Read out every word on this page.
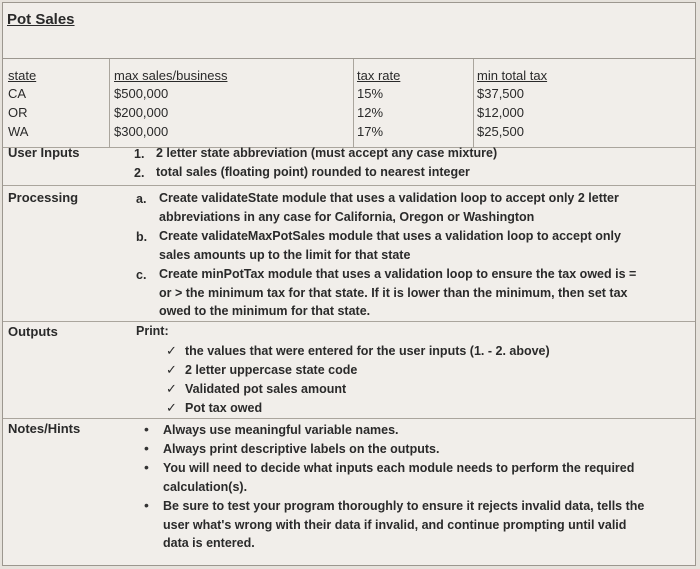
Pot Sales
state	max sales/business	tax rate	min total tax
CA	$500,000	15%	$37,500
OR	$200,000	12%	$12,000
WA	$300,000	17%	$25,500
User Inputs	1. 2 letter state abbreviation (must accept any case mixture)
2. total sales (floating point) rounded to nearest integer
Processing	a. Create validateState module that uses a validation loop to accept only 2 letter
abbreviations in any case for California, Oregon or Washington
b. Create validateMaxPotSales module that uses a validation loop to accept only
sales amounts up to the limit for that state
c. Create minPotTax module that uses a validation loop to ensure the tax owed is =
or > the minimum tax for that state. If it is lower than the minimum, then set tax
owed to the minimum for that state.
Outputs	Print:
✓ the values that were entered for the user inputs (1. - 2. above)
✓ 2 letter uppercase state code
✓ Validated pot sales amount
✓ Pot tax owed
Notes/Hints	• Always use meaningful variable names.
• Always print descriptive labels on the outputs.
• You will need to decide what inputs each module needs to perform the required
calculation(s).
• Be sure to test your program thoroughly to ensure it rejects invalid data, tells the
user what's wrong with their data if invalid, and continue prompting until valid
data is entered.
